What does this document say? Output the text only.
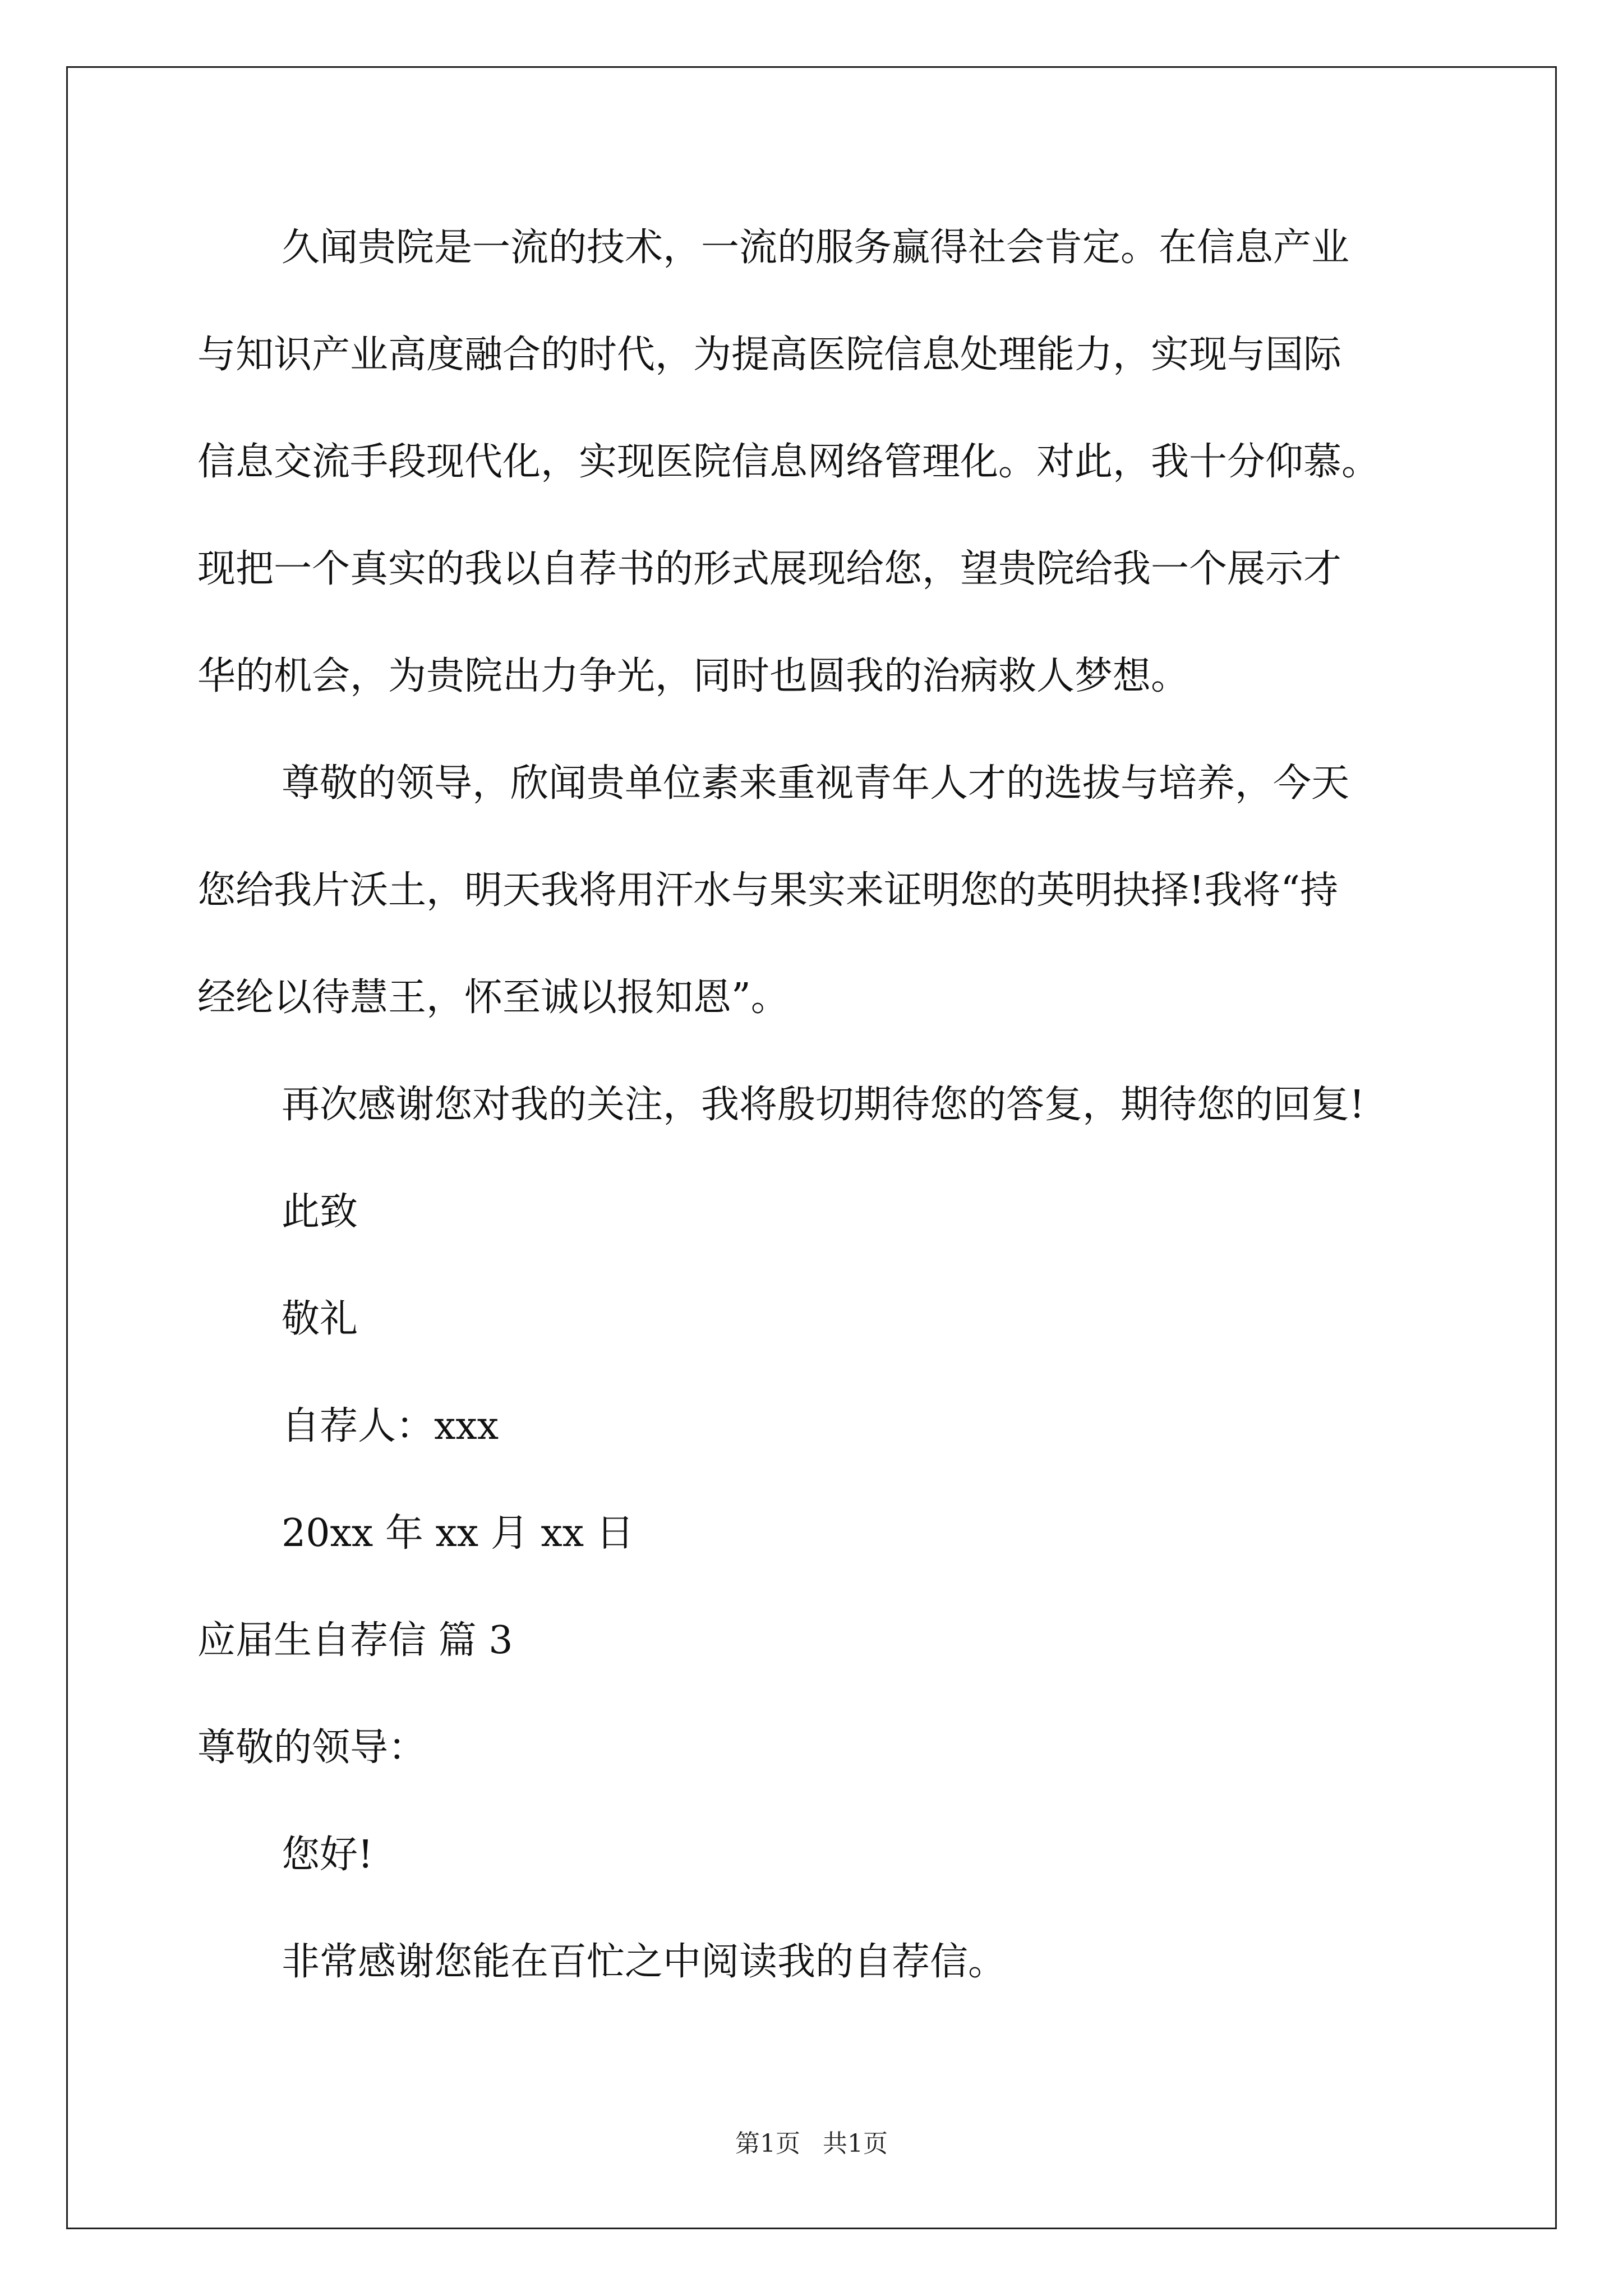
久闻贵院是一流的技术，一流的服务赢得社会肯定。在信息产业
与知识产业高度融合的时代，为提高医院信息处理能力，实现与国际
信息交流手段现代化，实现医院信息网络管理化。对此，我十分仰慕。
现把一个真实的我以自荐书的形式展现给您，望贵院给我一个展示才
华的机会，为贵院出力争光，同时也圆我的治病救人梦想。
尊敬的领导，欣闻贵单位素来重视青年人才的选拔与培养，今天
您给我片沃土，明天我将用汗水与果实来证明您的英明抉择!我将“持
经纶以待慧王，怀至诚以报知恩”。
再次感谢您对我的关注，我将殷切期待您的答复，期待您的回复!
此致
敬礼
自荐人：xxx
20xx 年 xx 月 xx 日
应届生自荐信 篇 3
尊敬的领导：
您好!
非常感谢您能在百忙之中阅读我的自荐信。
第1页 共1页
